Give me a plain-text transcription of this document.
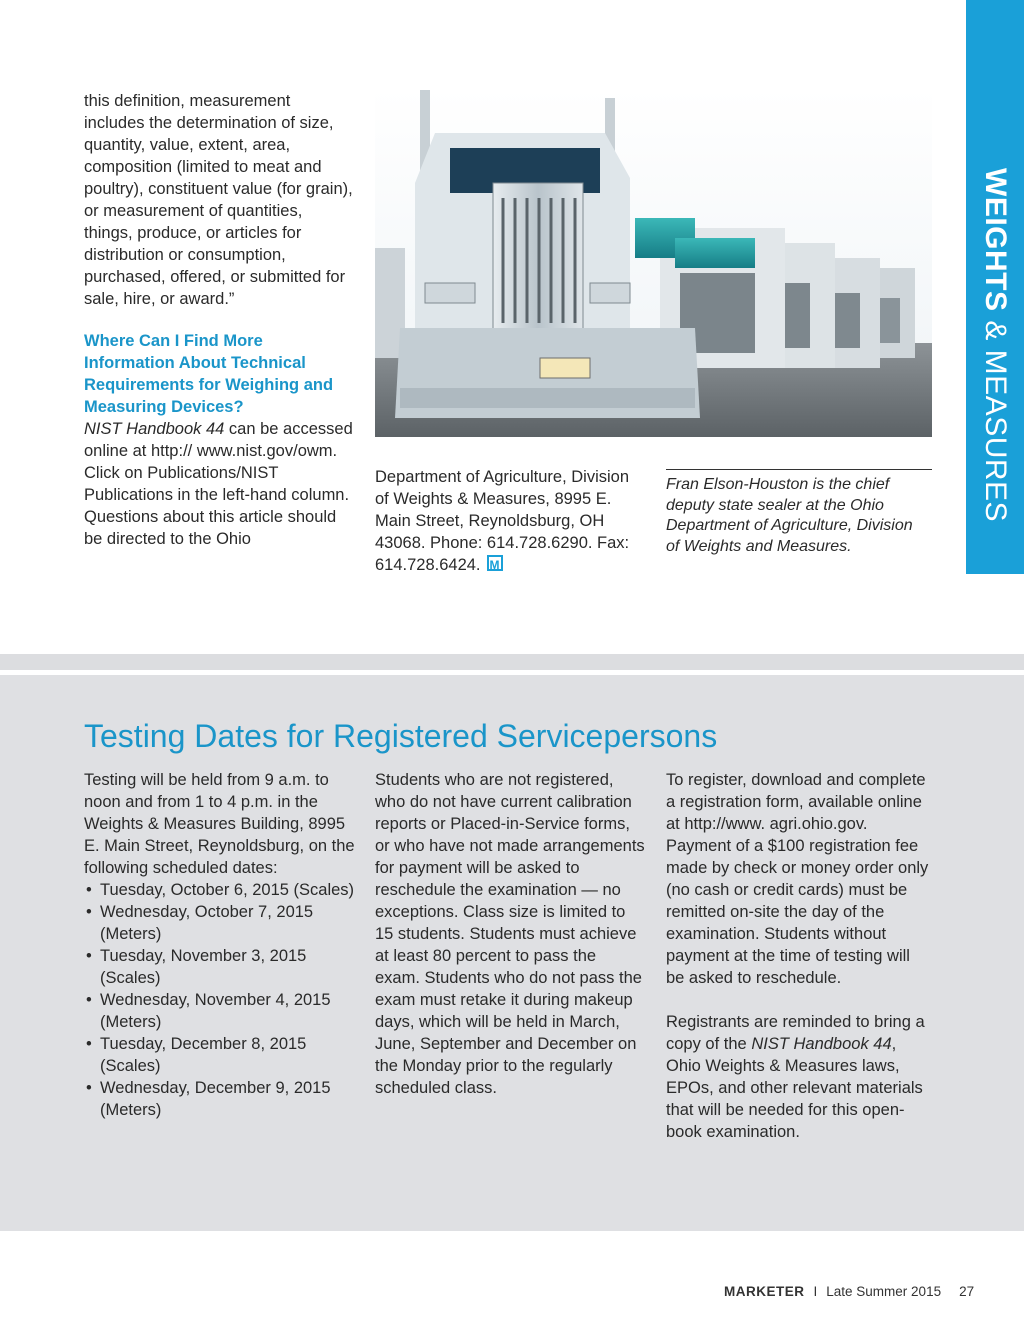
WEIGHTS & MEASURES

this definition, measurement includes the determination of size, quantity, value, extent, area, composition (limited to meat and poultry), constituent value (for grain), or measurement of quantities, things, produce, or articles for distribution or consumption, purchased, offered, or submitted for sale, hire, or award.”

Where Can I Find More Information About Technical Requirements for Weighing and Measuring Devices?

NIST Handbook 44 can be accessed online at http:// www.nist.gov/owm. Click on Publications/NIST Publications in the left-hand column. Questions about this article should be directed to the Ohio

Department of Agriculture, Division of Weights & Measures, 8995 E. Main Street, Reynoldsburg, OH 43068. Phone: 614.728.6290. Fax: 614.728.6424. M

Fran Elson-Houston is the chief deputy state sealer at the Ohio Department of Agriculture, Division of Weights and Measures.

Testing Dates for Registered Servicepersons

Testing will be held from 9 a.m. to noon and from 1 to 4 p.m. in the Weights & Measures Building, 8995 E. Main Street, Reynoldsburg, on the following scheduled dates:

• Tuesday, October 6, 2015 (Scales)
• Wednesday, October 7, 2015 (Meters)
• Tuesday, November 3, 2015 (Scales)
• Wednesday, November 4, 2015 (Meters)
• Tuesday, December 8, 2015 (Scales)
• Wednesday, December 9, 2015 (Meters)

Students who are not registered, who do not have current calibration reports or Placed-in-Service forms, or who have not made arrangements for payment will be asked to reschedule the examination — no exceptions. Class size is limited to 15 students. Students must achieve at least 80 percent to pass the exam. Students who do not pass the exam must retake it during makeup days, which will be held in March, June, September and December on the Monday prior to the regularly scheduled class.

To register, download and complete a registration form, available online at http://www. agri.ohio.gov. Payment of a $100 registration fee made by check or money order only (no cash or credit cards) must be remitted on-site the day of the examination. Students without payment at the time of testing will be asked to reschedule.

Registrants are reminded to bring a copy of the NIST Handbook 44, Ohio Weights & Measures laws, EPOs, and other relevant materials that will be needed for this open-book examination.

MARKETER I Late Summer 2015 27
